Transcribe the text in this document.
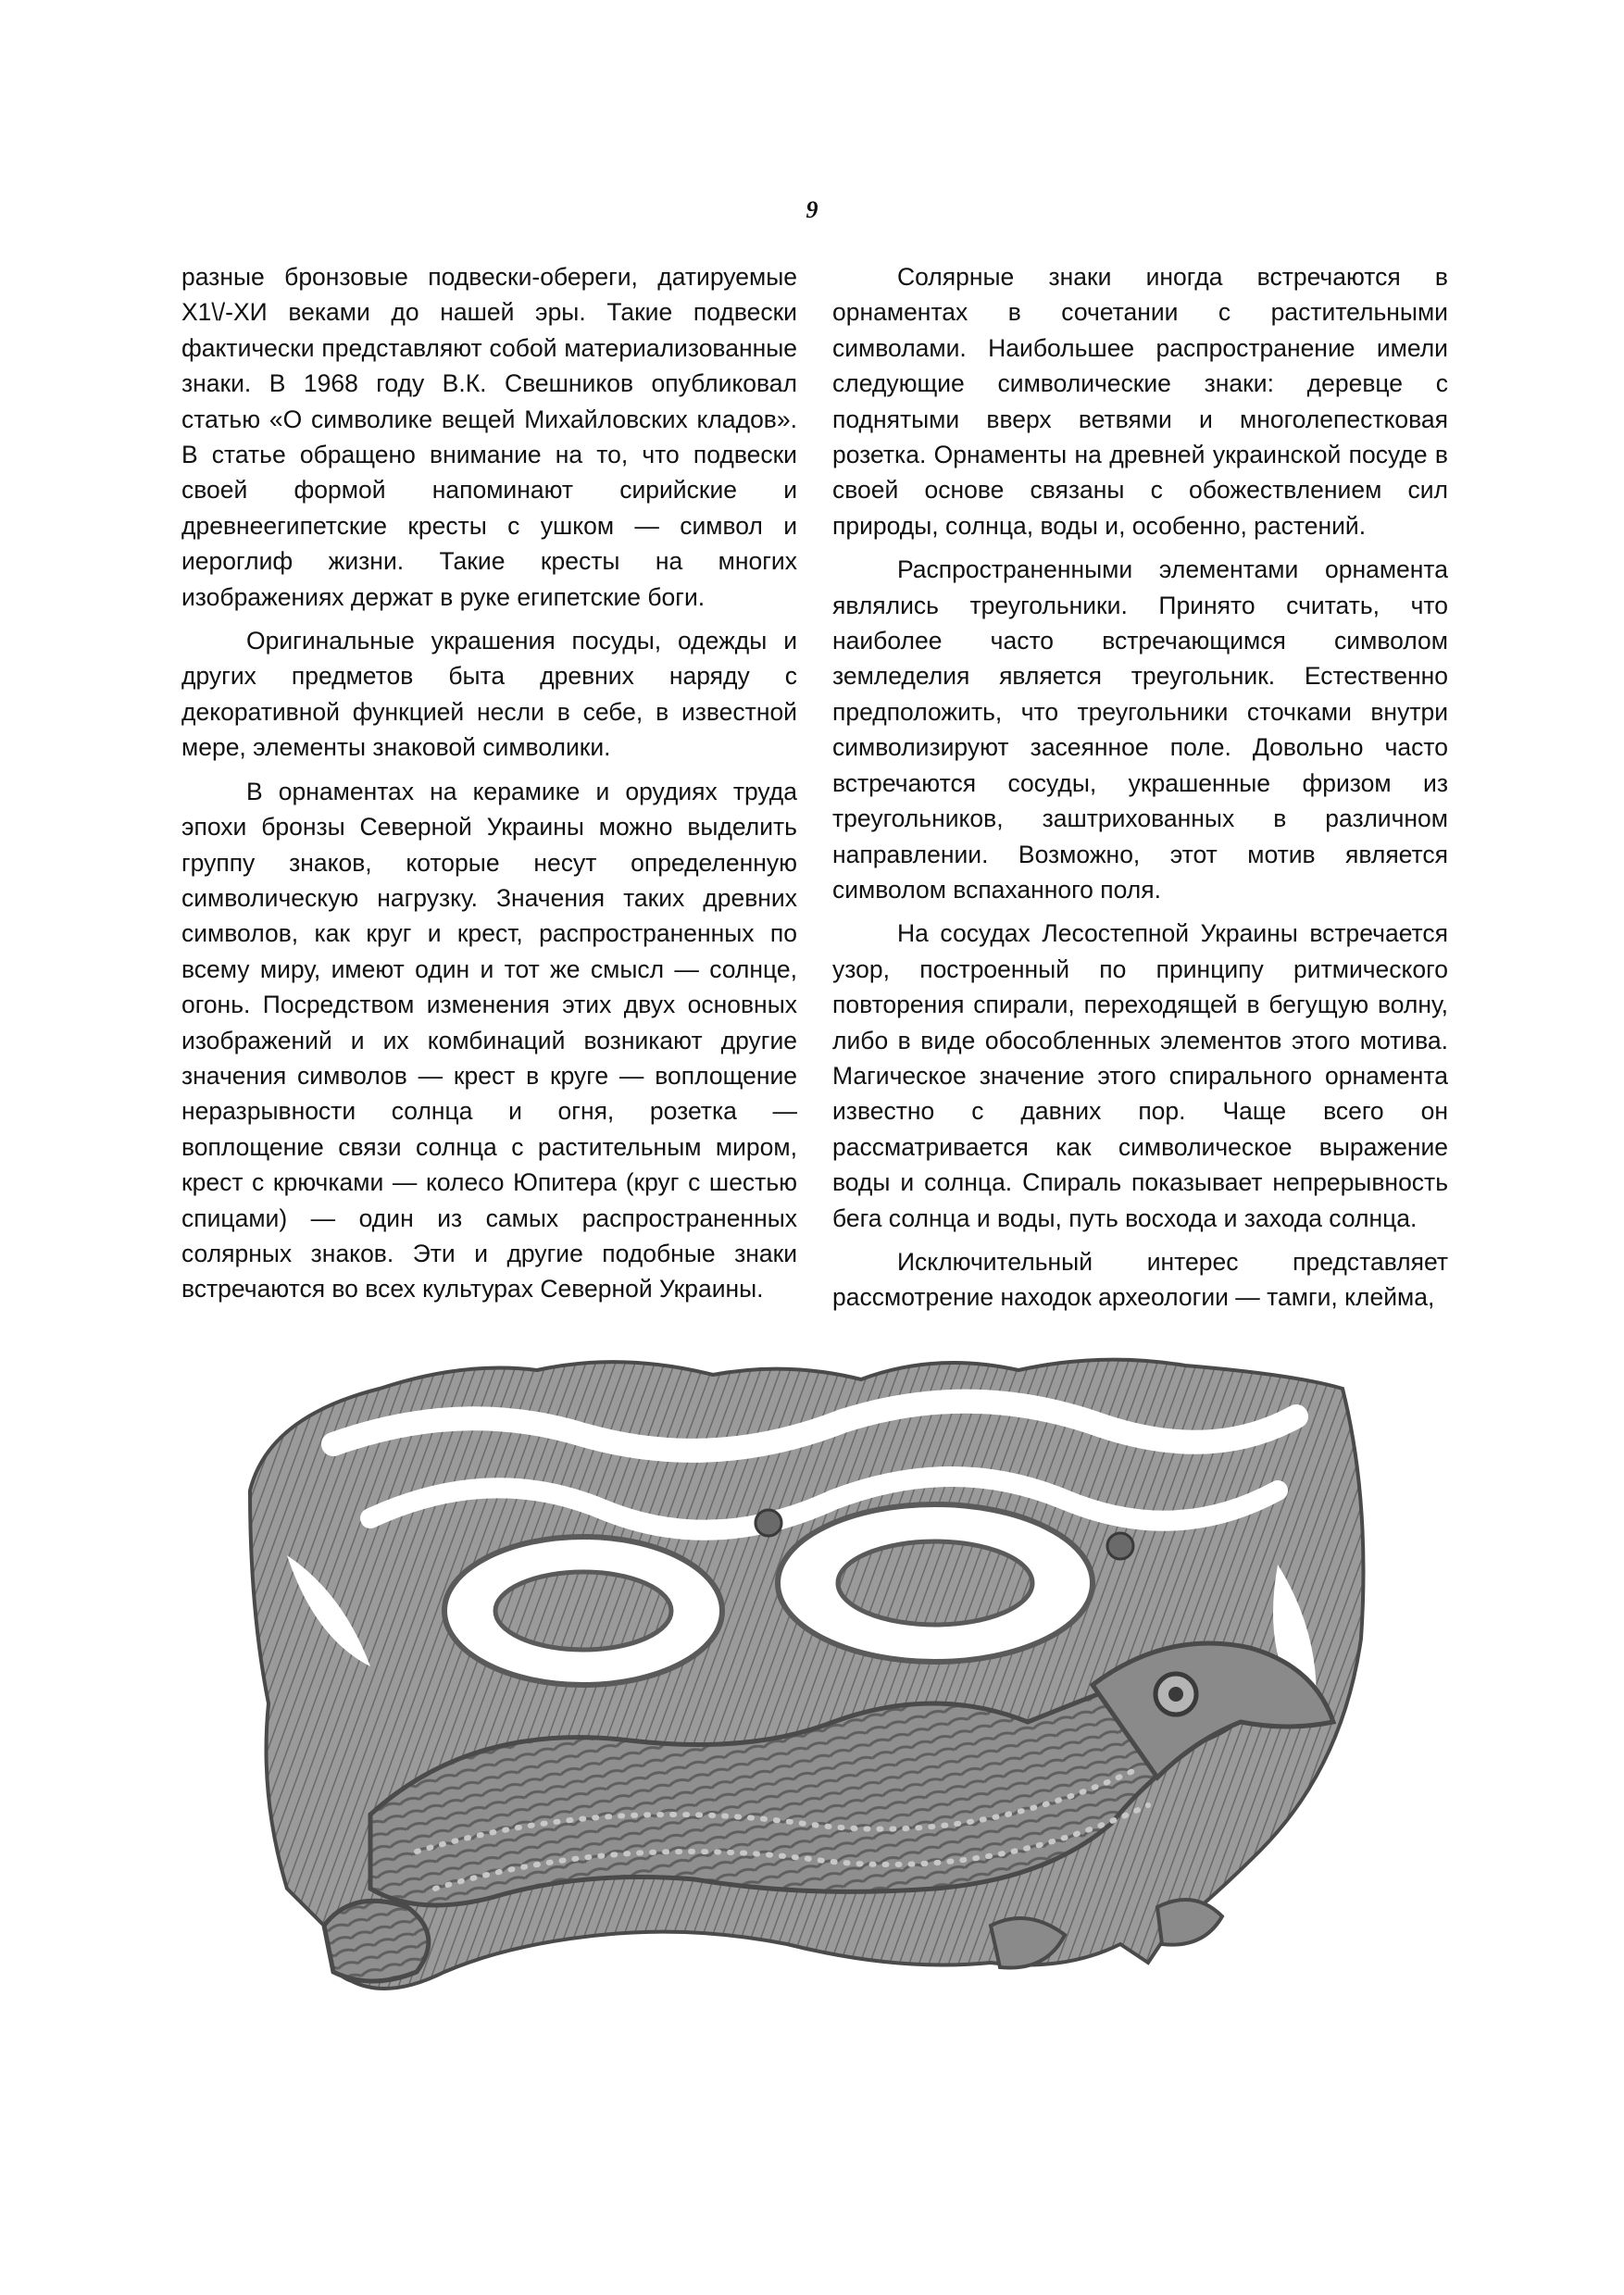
9

разные бронзовые подвески-обереги, датируемые X1\/-XИ веками до нашей эры. Такие подвески фактически представляют собой материализованные знаки. В 1968 году В.К. Свешников опубликовал статью «О символике вещей Михайловских кладов». В статье обращено внимание на то, что подвески своей формой напоминают сирийские и древнеегипетские кресты с ушком — символ и иероглиф жизни. Такие кресты на многих изображениях держат в руке египетские боги.

Оригинальные украшения посуды, одежды и других предметов быта древних наряду с декоративной функцией несли в себе, в известной мере, элементы знаковой символики.

В орнаментах на керамике и орудиях труда эпохи бронзы Северной Украины можно выделить группу знаков, которые несут определенную символическую нагрузку. Значения таких древних символов, как круг и крест, распространенных по всему миру, имеют один и тот же смысл — солнце, огонь. Посредством изменения этих двух основных изображений и их комбинаций возникают другие значения символов — крест в круге — воплощение неразрывности солнца и огня, розетка — воплощение связи солнца с растительным миром, крест с крючками — колесо Юпитера (круг с шестью спицами) — один из самых распространенных солярных знаков. Эти и другие подобные знаки встречаются во всех культурах Северной Украины.

Солярные знаки иногда встречаются в орнаментах в сочетании с растительными символами. Наибольшее распространение имели следующие символические знаки: деревце с поднятыми вверх ветвями и многолепестковая розетка. Орнаменты на древней украинской посуде в своей основе связаны с обожествлением сил природы, солнца, воды и, особенно, растений.

Распространенными элементами орнамента являлись треугольники. Принято считать, что наиболее часто встречающимся символом земледелия является треугольник. Естественно предположить, что треугольники сточками внутри символизируют засеянное поле. Довольно часто встречаются сосуды, украшенные фризом из треугольников, заштрихованных в различном направлении. Возможно, этот мотив является символом вспаханного поля.

На сосудах Лесостепной Украины встречается узор, построенный по принципу ритмического повторения спирали, переходящей в бегущую волну, либо в виде обособленных элементов этого мотива. Магическое значение этого спирального орнамента известно с давних пор. Чаще всего он рассматривается как символическое выражение воды и солнца. Спираль показывает непрерывность бега солнца и воды, путь восхода и захода солнца.

Исключительный интерес представляет рассмотрение находок археологии — тамги, клейма,
